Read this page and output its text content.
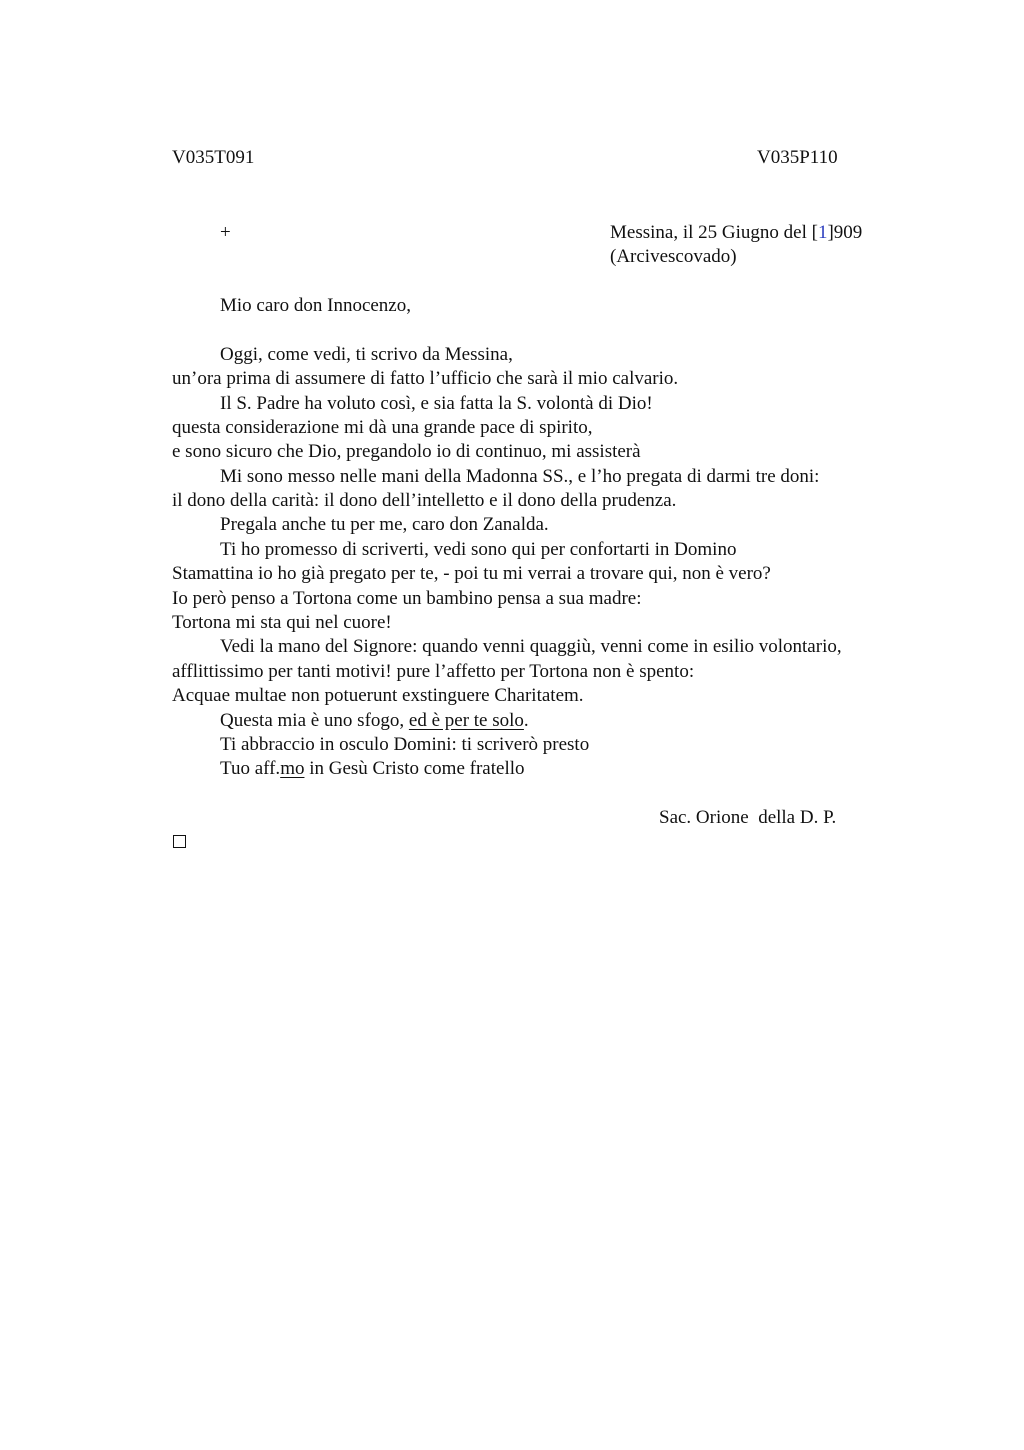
V035T091	V035P110
+	Messina, il 25 Giugno del [1]909
(Arcivescovado)
Mio caro don Innocenzo,
Oggi, come vedi, ti scrivo da Messina,
un’ora prima di assumere di fatto l’ufficio che sarà il mio calvario.
Il S. Padre ha voluto così, e sia fatta la S. volontà di Dio!
questa considerazione mi dà una grande pace di spirito,
e sono sicuro che Dio, pregandolo io di continuo, mi assisterà
Mi sono messo nelle mani della Madonna SS., e l’ho pregata di darmi tre doni:
il dono della carità: il dono dell’intelletto e il dono della prudenza.
Pregala anche tu per me, caro don Zanalda.
Ti ho promesso di scriverti, vedi sono qui per confortarti in Domino
Stamattina io ho già pregato per te, - poi tu mi verrai a trovare qui, non è vero?
Io però penso a Tortona come un bambino pensa a sua madre:
Tortona mi sta qui nel cuore!
Vedi la mano del Signore: quando venni quaggiù, venni come in esilio volontario,
afflittissimo per tanti motivi! pure l’affetto per Tortona non è spento:
Acquae multae non potuerunt exstinguere Charitatem.
Questa mia è uno sfogo, ed è per te solo.
Ti abbraccio in osculo Domini: ti scriverò presto
Tuo aff.mo in Gesù Cristo come fratello
Sac. Orione  della D. P.
